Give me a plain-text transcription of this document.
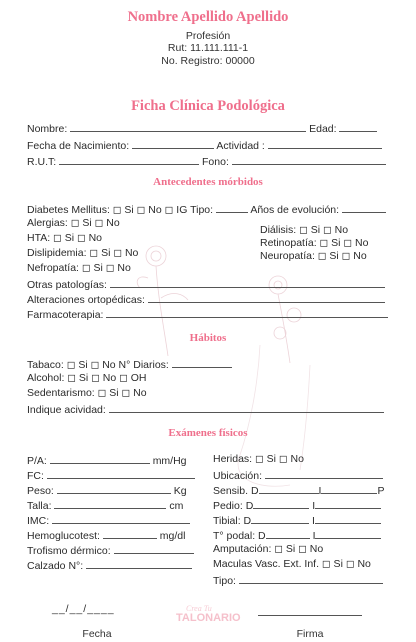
Nombre Apellido Apellido
Profesión
Rut: 11.111.111-1
No. Registro: 00000
Ficha Clínica Podológica
Nombre:	Edad:
Fecha de Nacimiento:	Actividad :
R.U.T:	Fono:
Antecedentes mórbidos
Diabetes Mellitus: ◻ Si ◻ No ◻ IG Tipo:	Años de evolución:
Alergias: ◻ Si ◻ No
HTA: ◻ Si ◻ No
Dislipidemia: ◻ Si ◻ No
Nefropatía: ◻ Si ◻ No
Diálisis: ◻ Si ◻ No
Retinopatía: ◻ Si ◻ No
Neuropatía: ◻ Si ◻ No
Otras patologías:
Alteraciones ortopédicas:
Farmacoterapia:
Hábitos
Tabaco: ◻ Si ◻ No N° Diarios:
Alcohol: ◻ Si ◻ No ◻ OH
Sedentarismo: ◻ Si ◻ No
Indique acividad:
Exámenes físicos
P/A:	mm/Hg
FC:
Peso:	Kg
Talla:	cm
IMC:
Hemoglucotest:	mg/dl
Trofismo dérmico:
Calzado N°:
Heridas: ◻ Si ◻ No
Ubicación:
Sensib. D	I	P
Pedio: D	I
Tibial: D	I
T° podal: D	I
Amputación: ◻ Si ◻ No
Maculas Vasc. Ext. Inf. ◻ Si ◻ No
Tipo:
__/__/____
Fecha	Firma
Crea Tu
TALONARIO
